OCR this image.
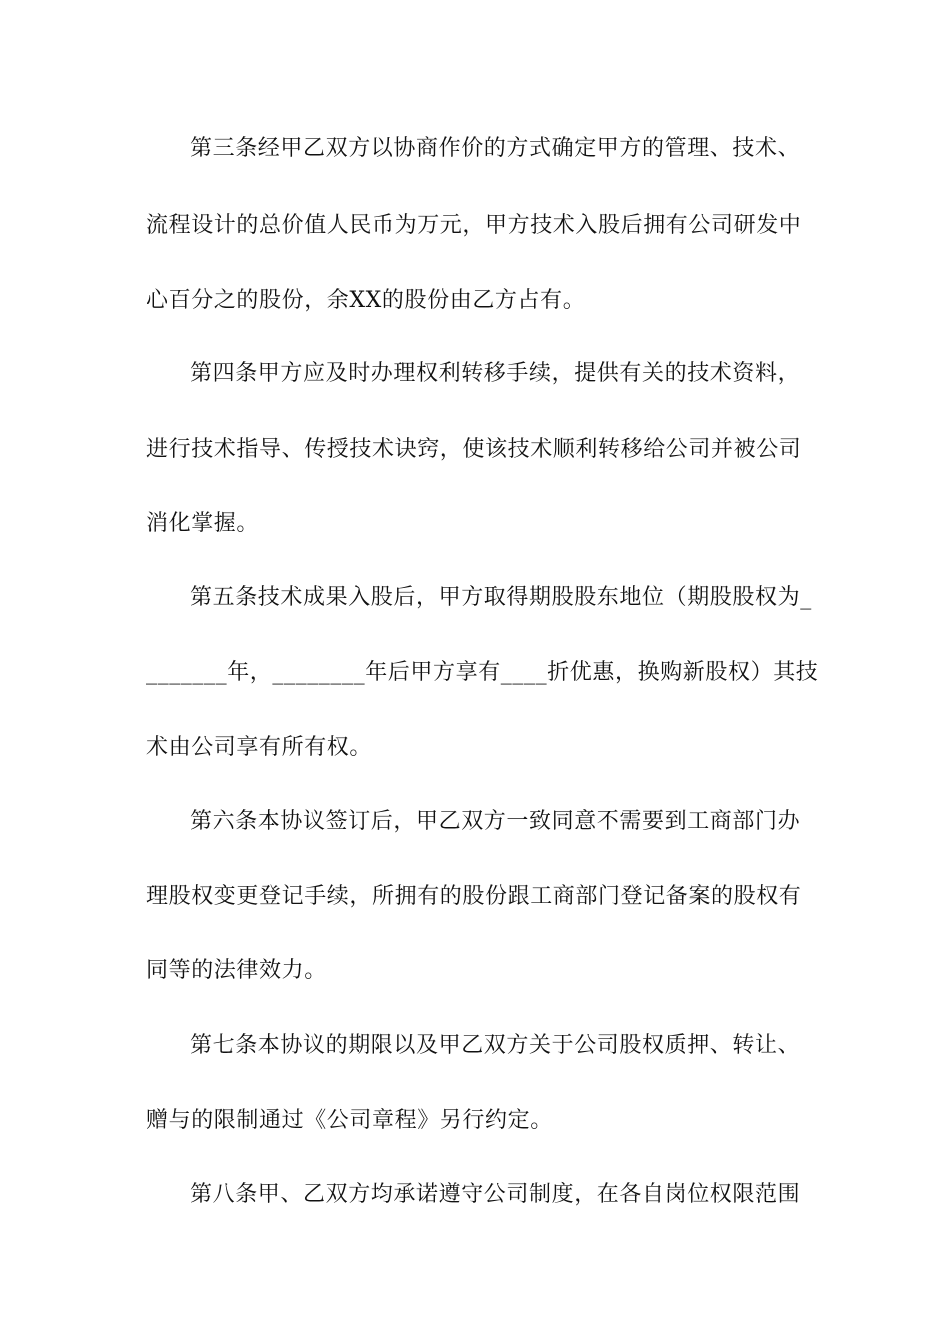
第三条经甲乙双方以协商作价的方式确定甲方的管理、技术、
流程设计的总价值人民币为万元，甲方技术入股后拥有公司研发中
心百分之的股份，余XX的股份由乙方占有。
第四条甲方应及时办理权利转移手续，提供有关的技术资料，
进行技术指导、传授技术诀窍，使该技术顺利转移给公司并被公司
消化掌握。
第五条技术成果入股后，甲方取得期股股东地位（期股股权为_
_______年，________年后甲方享有____折优惠，换购新股权）其技
术由公司享有所有权。
第六条本协议签订后，甲乙双方一致同意不需要到工商部门办
理股权变更登记手续，所拥有的股份跟工商部门登记备案的股权有
同等的法律效力。
第七条本协议的期限以及甲乙双方关于公司股权质押、转让、
赠与的限制通过《公司章程》另行约定。
第八条甲、乙双方均承诺遵守公司制度，在各自岗位权限范围
